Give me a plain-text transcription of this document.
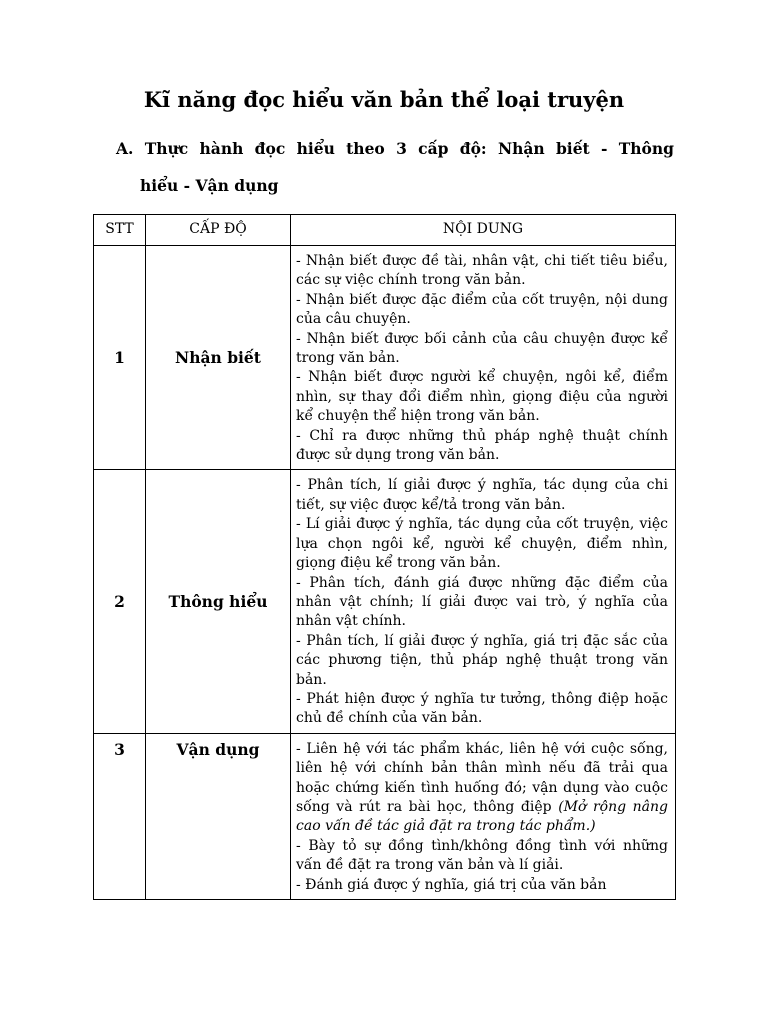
Kĩ năng đọc hiểu văn bản thể loại truyện
A. Thực hành đọc hiểu theo 3 cấp độ: Nhận biết - Thông
hiểu - Vận dụng
STT	CẤP ĐỘ	NỘI DUNG
1	Nhận biết	- Nhận biết được đề tài, nhân vật, chi tiết tiêu biểu, các sự việc chính trong văn bản.
- Nhận biết được đặc điểm của cốt truyện, nội dung của câu chuyện.
- Nhận biết được bối cảnh của câu chuyện được kể trong văn bản.
- Nhận biết được người kể chuyện, ngôi kể, điểm nhìn, sự thay đổi điểm nhìn, giọng điệu của người kể chuyện thể hiện trong văn bản.
- Chỉ ra được những thủ pháp nghệ thuật chính được sử dụng trong văn bản.

2	Thông hiểu	- Phân tích, lí giải được ý nghĩa, tác dụng của chi tiết, sự việc được kể/tả trong văn bản.
- Lí giải được ý nghĩa, tác dụng của cốt truyện, việc lựa chọn ngôi kể, người kể chuyện, điểm nhìn, giọng điệu kể trong văn bản.
- Phân tích, đánh giá được những đặc điểm của nhân vật chính; lí giải được vai trò, ý nghĩa của nhân vật chính.
- Phân tích, lí giải được ý nghĩa, giá trị đặc sắc của các phương tiện, thủ pháp nghệ thuật trong văn bản.
- Phát hiện được ý nghĩa tư tưởng, thông điệp hoặc chủ đề chính của văn bản.

3	Vận dụng	- Liên hệ với tác phẩm khác, liên hệ với cuộc sống, liên hệ với chính bản thân mình nếu đã trải qua hoặc chứng kiến tình huống đó; vận dụng vào cuộc sống và rút ra bài học, thông điệp (Mở rộng nâng cao vấn đề tác giả đặt ra trong tác phẩm.)
- Bày tỏ sự đồng tình/không đồng tình với những vấn đề đặt ra trong văn bản và lí giải.
- Đánh giá được ý nghĩa, giá trị của văn bản
